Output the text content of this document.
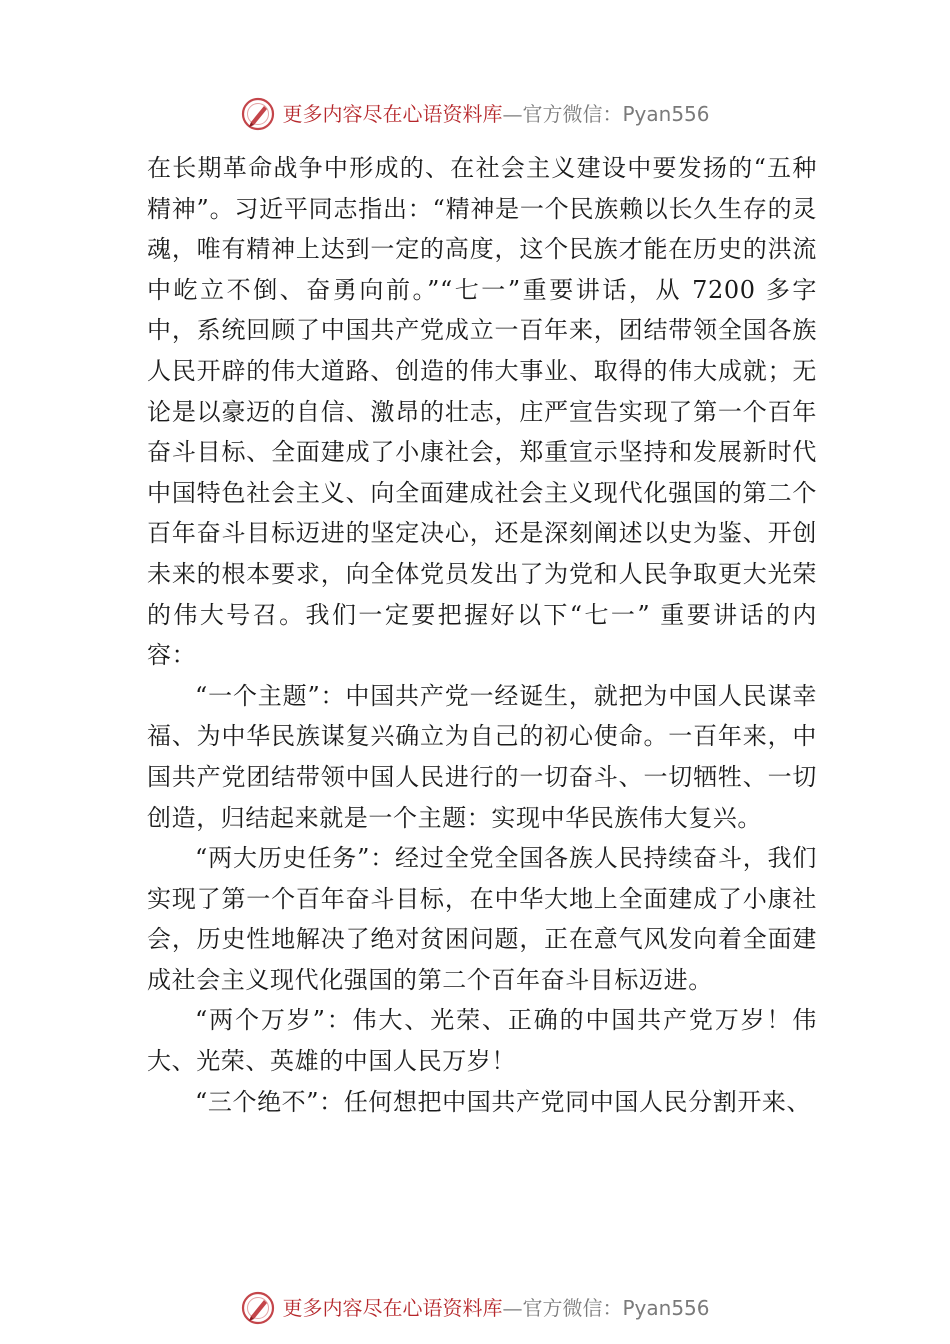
更多内容尽在心语资料库—官方微信：Pyan556

在长期革命战争中形成的、在社会主义建设中要发扬的“五种精神”。习近平同志指出：“精神是一个民族赖以长久生存的灵魂，唯有精神上达到一定的高度，这个民族才能在历史的洪流中屹立不倒、奋勇向前。”“七一”重要讲话，从 7200 多字中，系统回顾了中国共产党成立一百年来，团结带领全国各族人民开辟的伟大道路、创造的伟大事业、取得的伟大成就；无论是以豪迈的自信、激昂的壮志，庄严宣告实现了第一个百年奋斗目标、全面建成了小康社会，郑重宣示坚持和发展新时代中国特色社会主义、向全面建成社会主义现代化强国的第二个百年奋斗目标迈进的坚定决心，还是深刻阐述以史为鉴、开创未来的根本要求，向全体党员发出了为党和人民争取更大光荣的伟大号召。我们一定要把握好以下“七一” 重要讲话的内容：

“一个主题”：中国共产党一经诞生，就把为中国人民谋幸福、为中华民族谋复兴确立为自己的初心使命。一百年来，中国共产党团结带领中国人民进行的一切奋斗、一切牺牲、一切创造，归结起来就是一个主题：实现中华民族伟大复兴。

“两大历史任务”：经过全党全国各族人民持续奋斗，我们实现了第一个百年奋斗目标，在中华大地上全面建成了小康社会，历史性地解决了绝对贫困问题，正在意气风发向着全面建成社会主义现代化强国的第二个百年奋斗目标迈进。

“两个万岁”：伟大、光荣、正确的中国共产党万岁！伟大、光荣、英雄的中国人民万岁！

“三个绝不”：任何想把中国共产党同中国人民分割开来、

更多内容尽在心语资料库—官方微信：Pyan556
